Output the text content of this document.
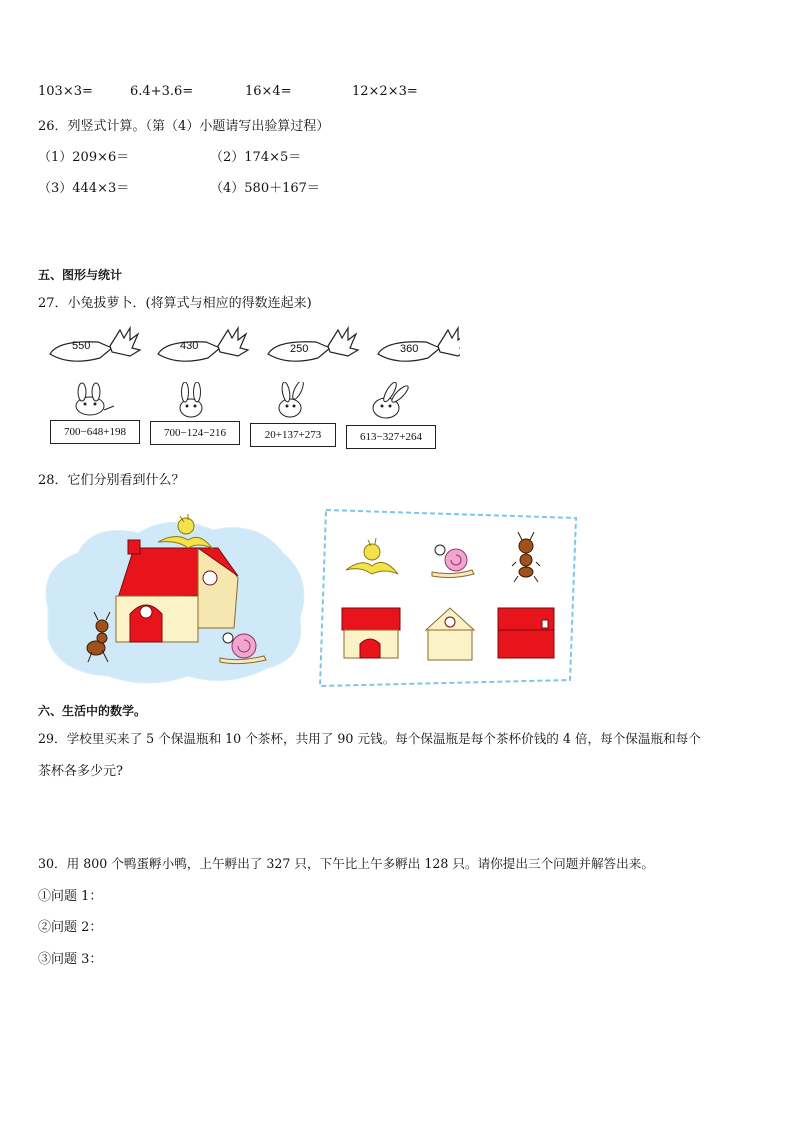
103×3=	6.4+3.6=	16×4=	12×2×3=
26．列竖式计算。（第（4）小题请写出验算过程）
（1）209×6＝	（2）174×5＝
（3）444×3＝	（4）580＋167＝
五、图形与统计
27．小兔拔萝卜．(将算式与相应的得数连起来)
550	430	250	360
700−648+198	700−124−216	20+137+273	613−327+264
28．它们分别看到什么？
六、生活中的数学。
29．学校里买来了 5 个保温瓶和 10 个茶杯，共用了 90 元钱。每个保温瓶是每个茶杯价钱的 4 倍，每个保温瓶和每个
茶杯各多少元?
30．用 800 个鸭蛋孵小鸭，上午孵出了 327 只，下午比上午多孵出 128 只。请你提出三个问题并解答出来。
①问题 1：
②问题 2：
③问题 3：
